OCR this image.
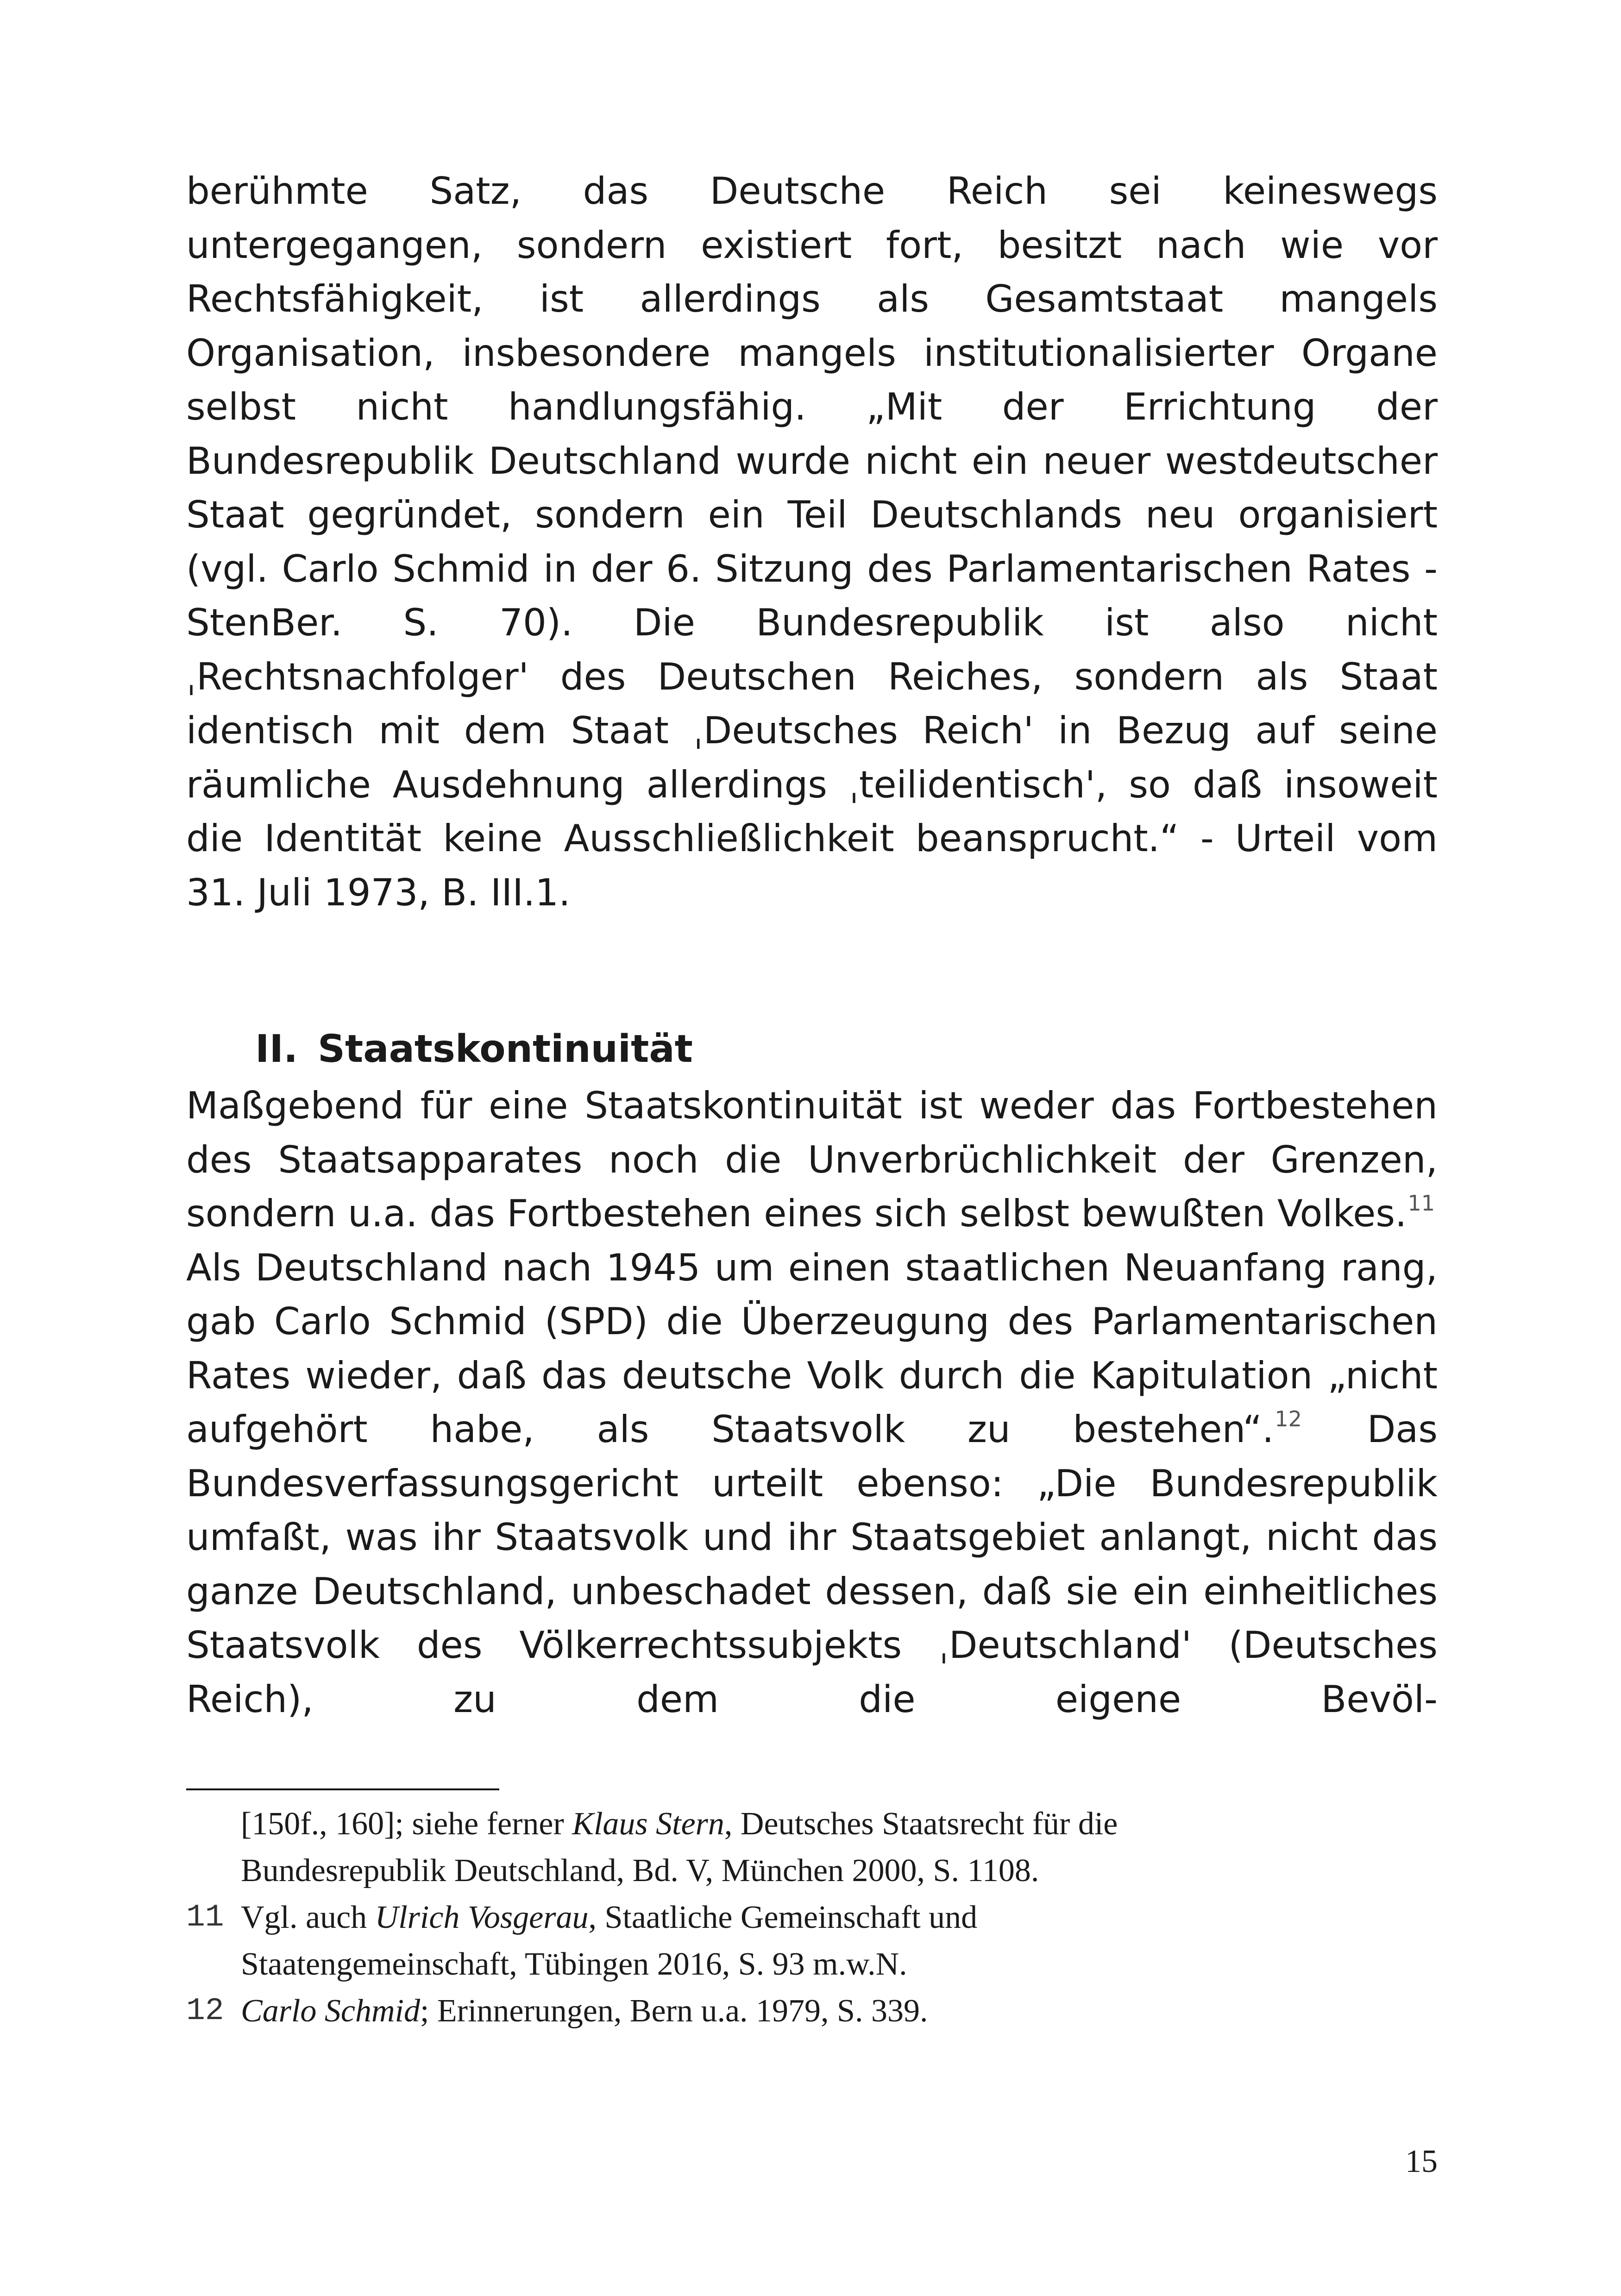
berühmte Satz, das Deutsche Reich sei keineswegs untergegangen, sondern existiert fort, besitzt nach wie vor Rechtsfähigkeit, ist allerdings als Gesamtstaat mangels Organisation, insbesondere mangels institutionalisierter Organe selbst nicht handlungsfähig. „Mit der Errichtung der Bundesrepublik Deutschland wurde nicht ein neuer westdeutscher Staat gegründet, sondern ein Teil Deutschlands neu organisiert (vgl. Carlo Schmid in der 6. Sitzung des Parlamentarischen Rates - StenBer. S. 70). Die Bundesrepublik ist also nicht ˌRechtsnachfolger' des Deutschen Reiches, sondern als Staat identisch mit dem Staat ˌDeutsches Reich' in Bezug auf seine räumliche Ausdehnung allerdings ˌteilidentisch', so daß insoweit die Identität keine Ausschließlichkeit beansprucht.“ - Urteil vom 31. Juli 1973, B. III.1.

II. Staatskontinuität

Maßgebend für eine Staatskontinuität ist weder das Fortbestehen des Staatsapparates noch die Unverbrüchlichkeit der Grenzen, sondern u.a. das Fortbestehen eines sich selbst bewußten Volkes.$^{11}$ Als Deutschland nach 1945 um einen staatlichen Neuanfang rang, gab Carlo Schmid (SPD) die Überzeugung des Parlamentarischen Rates wieder, daß das deutsche Volk durch die Kapitulation „nicht aufgehört habe, als Staatsvolk zu bestehen“.$^{12}$ Das Bundesverfassungsgericht urteilt ebenso: „Die Bundesrepublik umfaßt, was ihr Staatsvolk und ihr Staatsgebiet anlangt, nicht das ganze Deutschland, unbeschadet dessen, daß sie ein einheitliches Staatsvolk des Völkerrechtssubjekts ˌDeutschland' (Deutsches Reich), zu dem die eigene Bevöl-

[150f., 160]; siehe ferner Klaus Stern, Deutsches Staatsrecht für die
Bundesrepublik Deutschland, Bd. V, München 2000, S. 1108.
11 Vgl. auch Ulrich Vosgerau, Staatliche Gemeinschaft und
Staatengemeinschaft, Tübingen 2016, S. 93 m.w.N.
12 Carlo Schmid; Erinnerungen, Bern u.a. 1979, S. 339.
15
